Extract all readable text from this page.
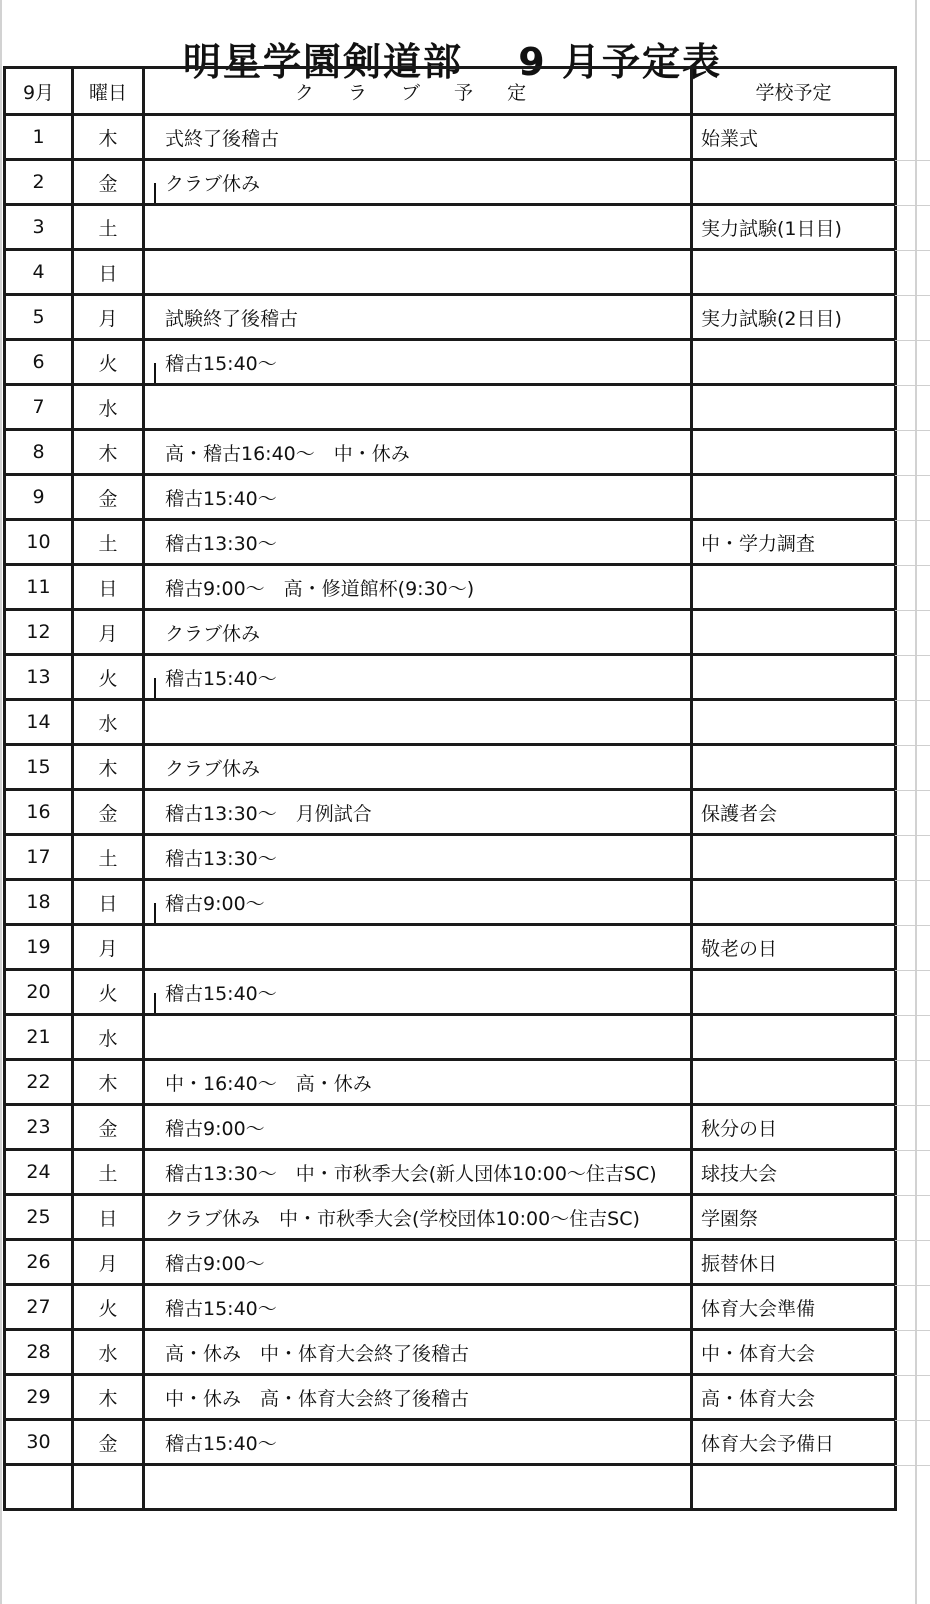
明星学園剣道部　 9 月予定表
9月	曜日	ク ラ ブ 予 定	学校予定
1	木	式終了後稽古	始業式
2	金	クラブ休み

3	土		実力試験(1日目)
4	日		
5	月	試験終了後稽古	実力試験(2日目)
6	火	稽古15:40〜

7	水		
8	木	高・稽古16:40〜　中・休み	
9	金	稽古15:40〜	
10	土	稽古13:30〜	中・学力調査
11	日	稽古9:00〜　高・修道館杯(9:30〜)	
12	月	クラブ休み	
13	火	稽古15:40〜

14	水		
15	木	クラブ休み	
16	金	稽古13:30〜　月例試合	保護者会
17	土	稽古13:30〜	
18	日	稽古9:00〜

19	月		敬老の日
20	火	稽古15:40〜

21	水		
22	木	中・16:40〜　高・休み	
23	金	稽古9:00〜	秋分の日
24	土	稽古13:30〜　中・市秋季大会(新人団体10:00〜住吉SC)	球技大会
25	日	クラブ休み　中・市秋季大会(学校団体10:00〜住吉SC)	学園祭
26	月	稽古9:00〜	振替休日
27	火	稽古15:40〜	体育大会準備
28	水	高・休み　中・体育大会終了後稽古	中・体育大会
29	木	中・休み　高・体育大会終了後稽古	高・体育大会
30	金	稽古15:40〜	体育大会予備日
